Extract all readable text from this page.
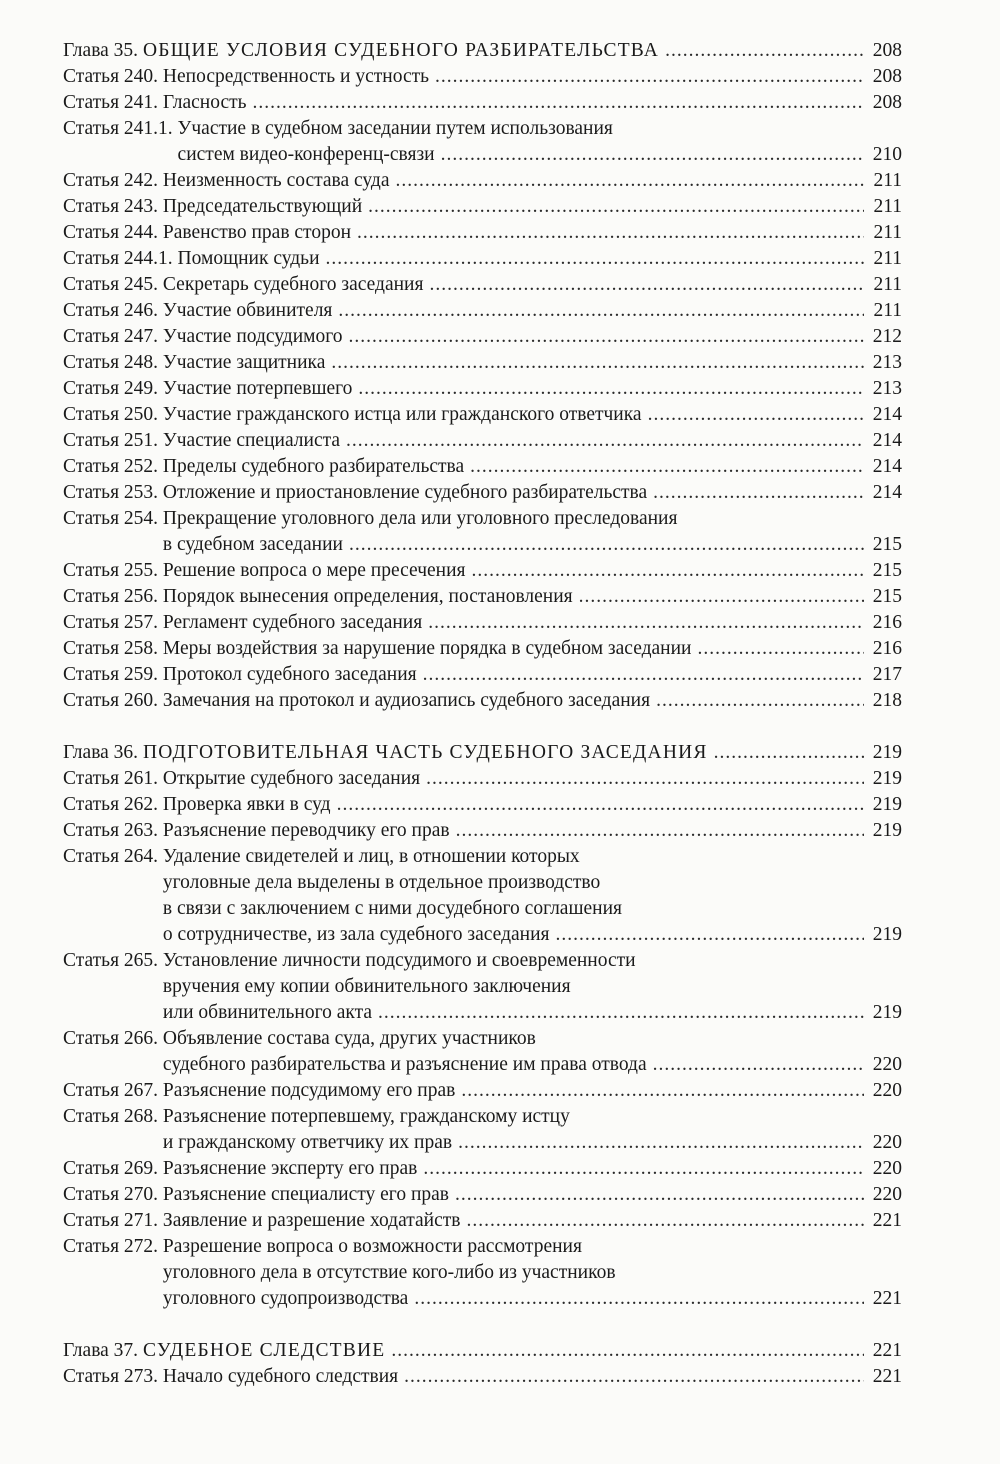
Глава 35. ОБЩИЕ УСЛОВИЯ СУДЕБНОГО РАЗБИРАТЕЛЬСТВА .....	208
Статья 240. Непосредственность и устность .....	208
Статья 241. Гласность .....	208
Статья 241.1. Участие в судебном заседании путем использования
систем видео-конференц-связи .....	210
Статья 242. Неизменность состава суда .....	211
Статья 243. Председательствующий .....	211
Статья 244. Равенство прав сторон .....	211
Статья 244.1. Помощник судьи .....	211
Статья 245. Секретарь судебного заседания .....	211
Статья 246. Участие обвинителя .....	211
Статья 247. Участие подсудимого .....	212
Статья 248. Участие защитника .....	213
Статья 249. Участие потерпевшего .....	213
Статья 250. Участие гражданского истца или гражданского ответчика .....	214
Статья 251. Участие специалиста .....	214
Статья 252. Пределы судебного разбирательства .....	214
Статья 253. Отложение и приостановление судебного разбирательства .....	214
Статья 254. Прекращение уголовного дела или уголовного преследования
в судебном заседании .....	215
Статья 255. Решение вопроса о мере пресечения .....	215
Статья 256. Порядок вынесения определения, постановления .....	215
Статья 257. Регламент судебного заседания .....	216
Статья 258. Меры воздействия за нарушение порядка в судебном заседании .....	216
Статья 259. Протокол судебного заседания .....	217
Статья 260. Замечания на протокол и аудиозапись судебного заседания .....	218
Глава 36. ПОДГОТОВИТЕЛЬНАЯ ЧАСТЬ СУДЕБНОГО ЗАСЕДАНИЯ .....	219
Статья 261. Открытие судебного заседания .....	219
Статья 262. Проверка явки в суд .....	219
Статья 263. Разъяснение переводчику его прав .....	219
Статья 264. Удаление свидетелей и лиц, в отношении которых
уголовные дела выделены в отдельное производство
в связи с заключением с ними досудебного соглашения
о сотрудничестве, из зала судебного заседания .....	219
Статья 265. Установление личности подсудимого и своевременности
вручения ему копии обвинительного заключения
или обвинительного акта .....	219
Статья 266. Объявление состава суда, других участников
судебного разбирательства и разъяснение им права отвода .....	220
Статья 267. Разъяснение подсудимому его прав .....	220
Статья 268. Разъяснение потерпевшему, гражданскому истцу
и гражданскому ответчику их прав .....	220
Статья 269. Разъяснение эксперту его прав .....	220
Статья 270. Разъяснение специалисту его прав .....	220
Статья 271. Заявление и разрешение ходатайств .....	221
Статья 272. Разрешение вопроса о возможности рассмотрения
уголовного дела в отсутствие кого-либо из участников
уголовного судопроизводства .....	221
Глава 37. СУДЕБНОЕ СЛЕДСТВИЕ .....	221
Статья 273. Начало судебного следствия .....	221
